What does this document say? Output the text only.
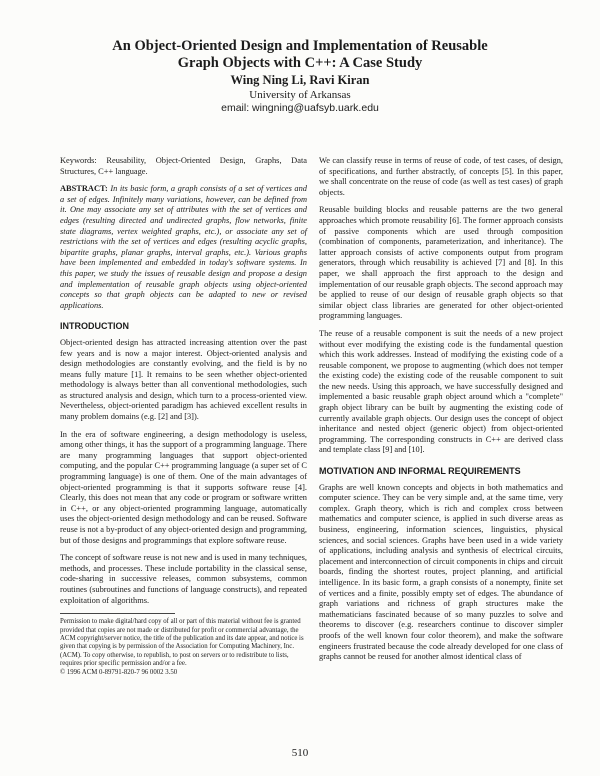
An Object-Oriented Design and Implementation of Reusable
Graph Objects with C++: A Case Study
Wing Ning Li, Ravi Kiran
University of Arkansas
email: wingning@uafsyb.uark.edu

Keywords: Reusability, Object-Oriented Design, Graphs, Data Structures, C++ language.

ABSTRACT: In its basic form, a graph consists of a set of vertices and a set of edges. Infinitely many variations, however, can be defined from it. One may associate any set of attributes with the set of vertices and edges (resulting directed and undirected graphs, flow networks, finite state diagrams, vertex weighted graphs, etc.), or associate any set of restrictions with the set of vertices and edges (resulting acyclic graphs, bipartite graphs, planar graphs, interval graphs, etc.). Various graphs have been implemented and embedded in today's software systems. In this paper, we study the issues of reusable design and propose a design and implementation of reusable graph objects using object-oriented concepts so that graph objects can be adapted to new or revised applications.

INTRODUCTION

Object-oriented design has attracted increasing attention over the past few years and is now a major interest. Object-oriented analysis and design methodologies are constantly evolving, and the field is by no means fully mature [1]. It remains to be seen whether object-oriented methodology is always better than all conventional methodologies, such as structured analysis and design, which turn to a process-oriented view. Nevertheless, object-oriented paradigm has achieved excellent results in many problem domains (e.g. [2] and [3]).

In the era of software engineering, a design methodology is useless, among other things, it has the support of a programming language. There are many programming languages that support object-oriented computing, and the popular C++ programming language (a super set of C programming language) is one of them. One of the main advantages of object-oriented programming is that it supports software reuse [4]. Clearly, this does not mean that any code or program or software written in C++, or any object-oriented programming language, automatically uses the object-oriented design methodology and can be reused. Software reuse is not a by-product of any object-oriented design and programming, but of those designs and programmings that explore software reuse.

The concept of software reuse is not new and is used in many techniques, methods, and processes. These include portability in the classical sense, code-sharing in successive releases, common subsystems, common routines (subroutines and functions of language constructs), and repeated exploitation of algorithms.

Permission to make digital/hard copy of all or part of this material without fee is granted provided that copies are not made or distributed for profit or commercial advantage, the ACM copyright/server notice, the title of the publication and its date appear, and notice is given that copying is by permission of the Association for Computing Machinery, Inc. (ACM). To copy otherwise, to republish, to post on servers or to redistribute to lists, requires prior specific permission and/or a fee.
© 1996 ACM 0-89791-820-7 96 0002 3.50

We can classify reuse in terms of reuse of code, of test cases, of design, of specifications, and further abstractly, of concepts [5]. In this paper, we shall concentrate on the reuse of code (as well as test cases) of graph objects.

Reusable building blocks and reusable patterns are the two general approaches which promote reusability [6]. The former approach consists of passive components which are used through composition (combination of components, parameterization, and inheritance). The latter approach consists of active components output from program generators, through which reusability is achieved [7] and [8]. In this paper, we shall approach the first approach to the design and implementation of our reusable graph objects. The second approach may be applied to reuse of our design of reusable graph objects so that similar object class libraries are generated for other object-oriented programming languages.

The reuse of a reusable component is suit the needs of a new project without ever modifying the existing code is the fundamental question which this work addresses. Instead of modifying the existing code of a reusable component, we propose to augmenting (which does not temper the existing code) the existing code of the reusable component to suit the new needs. Using this approach, we have successfully designed and implemented a basic reusable graph object around which a "complete" graph object library can be built by augmenting the existing code of currently available graph objects. Our design uses the concept of object inheritance and nested object (generic object) from object-oriented programming. The corresponding constructs in C++ are derived class and template class [9] and [10].

MOTIVATION AND INFORMAL REQUIREMENTS

Graphs are well known concepts and objects in both mathematics and computer science. They can be very simple and, at the same time, very complex. Graph theory, which is rich and complex cross between mathematics and computer science, is applied in such diverse areas as business, engineering, information sciences, linguistics, physical sciences, and social sciences. Graphs have been used in a wide variety of applications, including analysis and synthesis of electrical circuits, placement and interconnection of circuit components in chips and circuit boards, finding the shortest routes, project planning, and artificial intelligence. In its basic form, a graph consists of a nonempty, finite set of vertices and a finite, possibly empty set of edges. The abundance of graph variations and richness of graph structures make the mathematicians fascinated because of so many puzzles to solve and theorems to discover (e.g. researchers continue to discover simpler proofs of the well known four color theorem), and make the software engineers frustrated because the code already developed for one class of graphs cannot be reused for another almost identical class of

510
